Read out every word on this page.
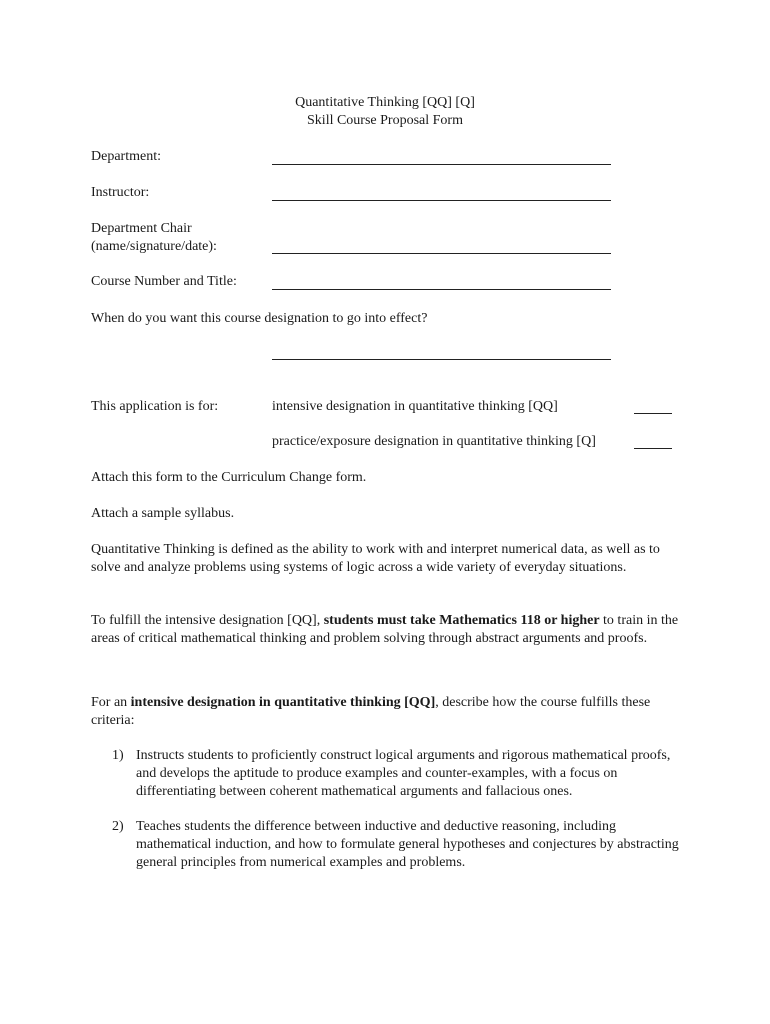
Quantitative Thinking [QQ] [Q]
Skill Course Proposal Form
Department:
Instructor:
Department Chair
(name/signature/date):
Course Number and Title:
When do you want this course designation to go into effect?
This application is for:	intensive designation in quantitative thinking [QQ]
practice/exposure designation in quantitative thinking [Q]
Attach this form to the Curriculum Change form.
Attach a sample syllabus.
Quantitative Thinking is defined as the ability to work with and interpret numerical data, as well as to solve and analyze problems using systems of logic across a wide variety of everyday situations.
To fulfill the intensive designation [QQ], students must take Mathematics 118 or higher to train in the areas of critical mathematical thinking and problem solving through abstract arguments and proofs.
For an intensive designation in quantitative thinking [QQ], describe how the course fulfills these criteria:
1) Instructs students to proficiently construct logical arguments and rigorous mathematical proofs, and develops the aptitude to produce examples and counter-examples, with a focus on differentiating between coherent mathematical arguments and fallacious ones.
2) Teaches students the difference between inductive and deductive reasoning, including mathematical induction, and how to formulate general hypotheses and conjectures by abstracting general principles from numerical examples and problems.
